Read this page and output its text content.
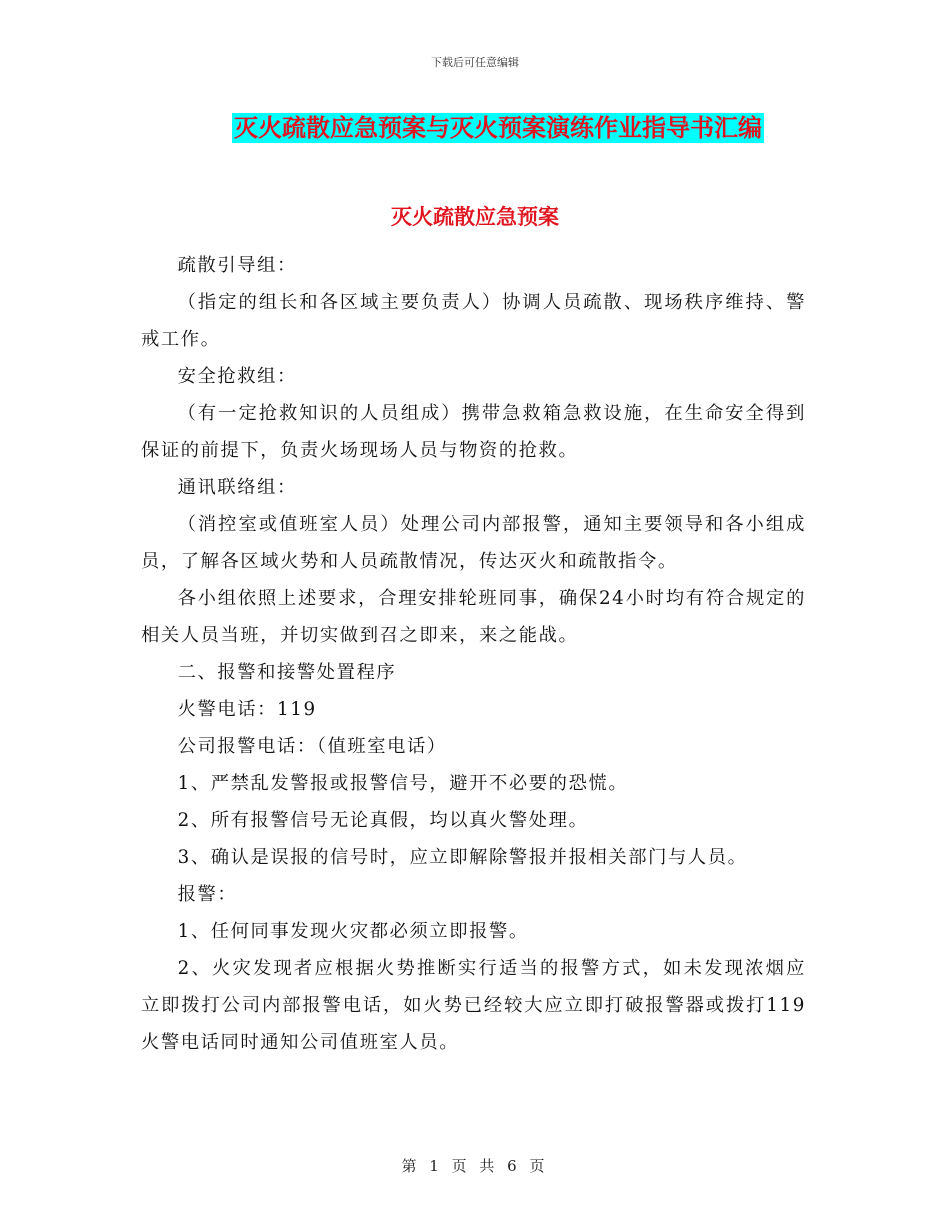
下载后可任意编辑
灭火疏散应急预案与灭火预案演练作业指导书汇编
灭火疏散应急预案

疏散引导组：

（指定的组长和各区域主要负责人）协调人员疏散、现场秩序维持、警戒工作。

安全抢救组：

（有一定抢救知识的人员组成）携带急救箱急救设施，在生命安全得到保证的前提下，负责火场现场人员与物资的抢救。

通讯联络组：

（消控室或值班室人员）处理公司内部报警，通知主要领导和各小组成员，了解各区域火势和人员疏散情况，传达灭火和疏散指令。

各小组依照上述要求，合理安排轮班同事，确保24小时均有符合规定的相关人员当班，并切实做到召之即来，来之能战。

二、报警和接警处置程序

火警电话：119

公司报警电话：（值班室电话）

1、严禁乱发警报或报警信号，避开不必要的恐慌。

2、所有报警信号无论真假，均以真火警处理。

3、确认是误报的信号时，应立即解除警报并报相关部门与人员。

报警：

1、任何同事发现火灾都必须立即报警。

2、火灾发现者应根据火势推断实行适当的报警方式，如未发现浓烟应立即拨打公司内部报警电话，如火势已经较大应立即打破报警器或拨打119火警电话同时通知公司值班室人员。

第 1 页 共 6 页
